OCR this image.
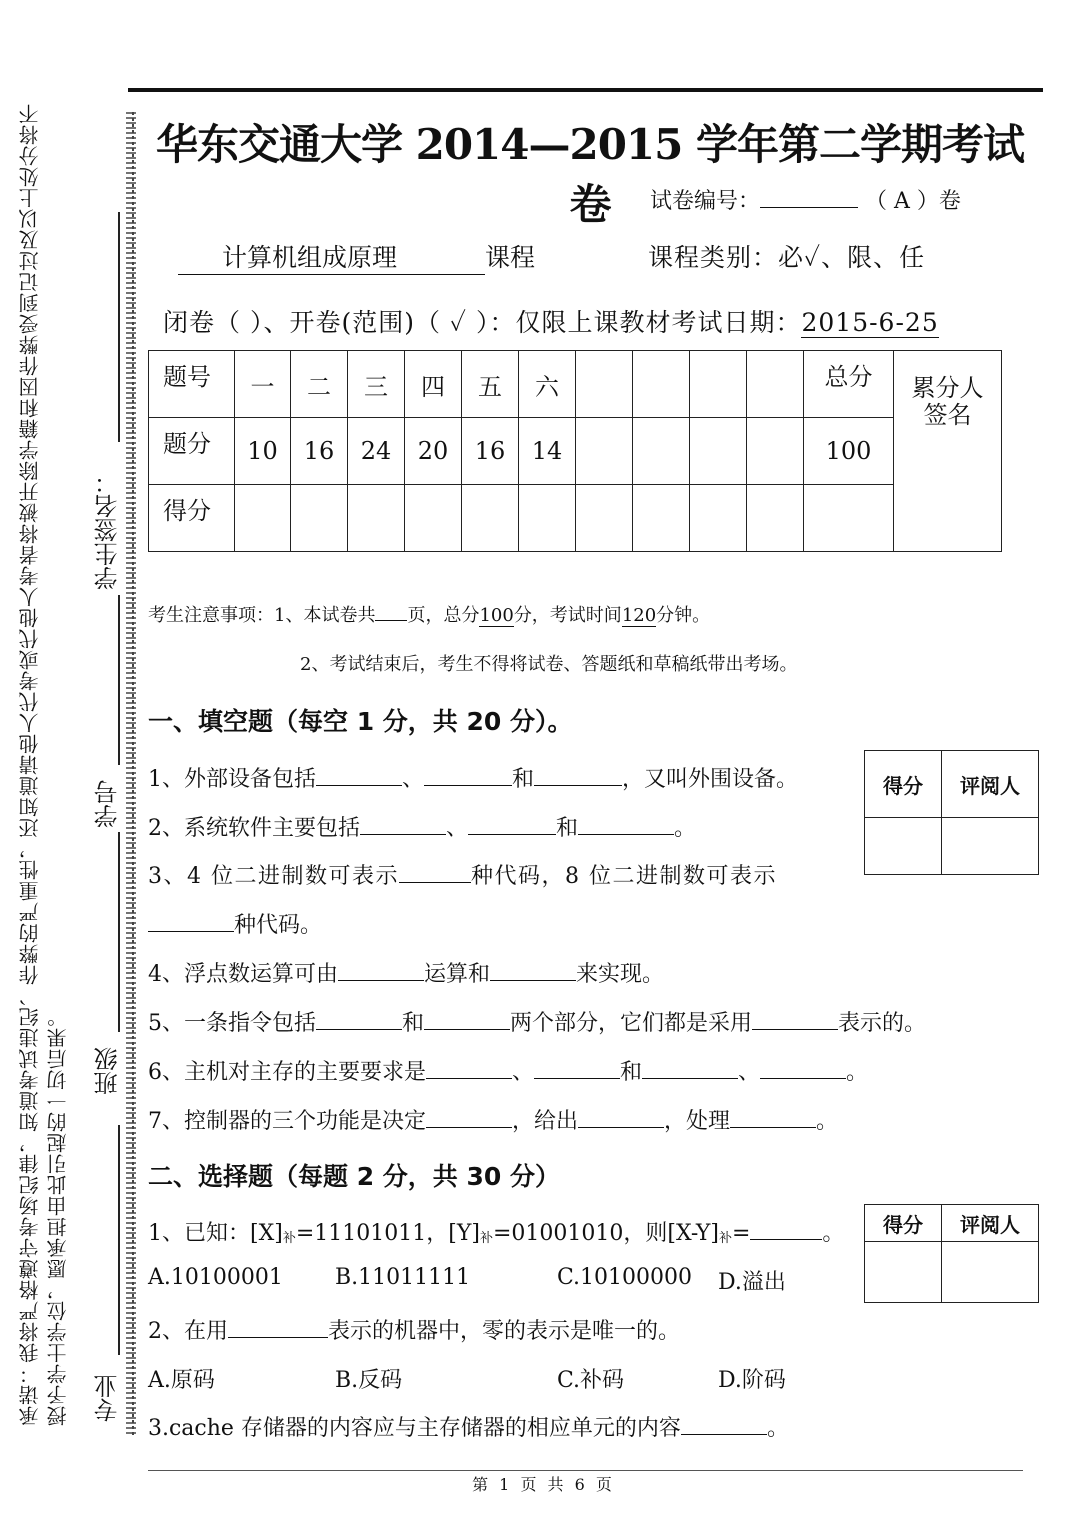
承诺：我将严格遵守考场纪律，知道考试违纪、作弊的严重性，还知道请他人代考或代他人考者将被开除学籍和因作弊受到记过及以上处分将不授予学士学位，愿承担由此引起的一切后果。
学生签名：
学号
班级
专业
华东交通大学 2014—2015 学年第二学期考试卷	试卷编号：	（ A ）卷
计算机组成原理	课程	课程类别：必✓、限、任
闭卷（ ）、开卷(范围)（ ✓ ）：仅限上课教材考试日期：2015-6-25
题号	一	二	三	四	五	六					总分	累分人
签名

题分	10	16	24	20	16	14					100	
得分												
考生注意事项：1、本试卷共 页，总分100分，考试时间120分钟。
2、考试结束后，考生不得将试卷、答题纸和草稿纸带出考场。
一、填空题（每空 1 分，共 20 分）。
得分	评阅人

1、外部设备包括	、	和	，又叫外围设备。
2、系统软件主要包括	、	和	。
3、4 位二进制数可表示	种代码，8 位二进制数可表示
种代码。
4、浮点数运算可由	运算和	来实现。
5、一条指令包括	和	两个部分，它们都是采用	表示的。
6、主机对主存的主要要求是	、	和	、	。
7、控制器的三个功能是决定	，给出	，处理	。
二、选择题（每题 2 分，共 30 分）
得分	评阅人

1、已知：$[X]_补=11101011$，$[Y]_补=01001010$，则$[X-Y]_补=$	。
A.10100001 B.11011111	C.10100000 D.溢出
2、在用	表示的机器中，零的表示是唯一的。
A.原码	B.反码	C.补码	D.阶码
3.cache 存储器的内容应与主存储器的相应单元的内容	。
第 1 页 共 6 页
